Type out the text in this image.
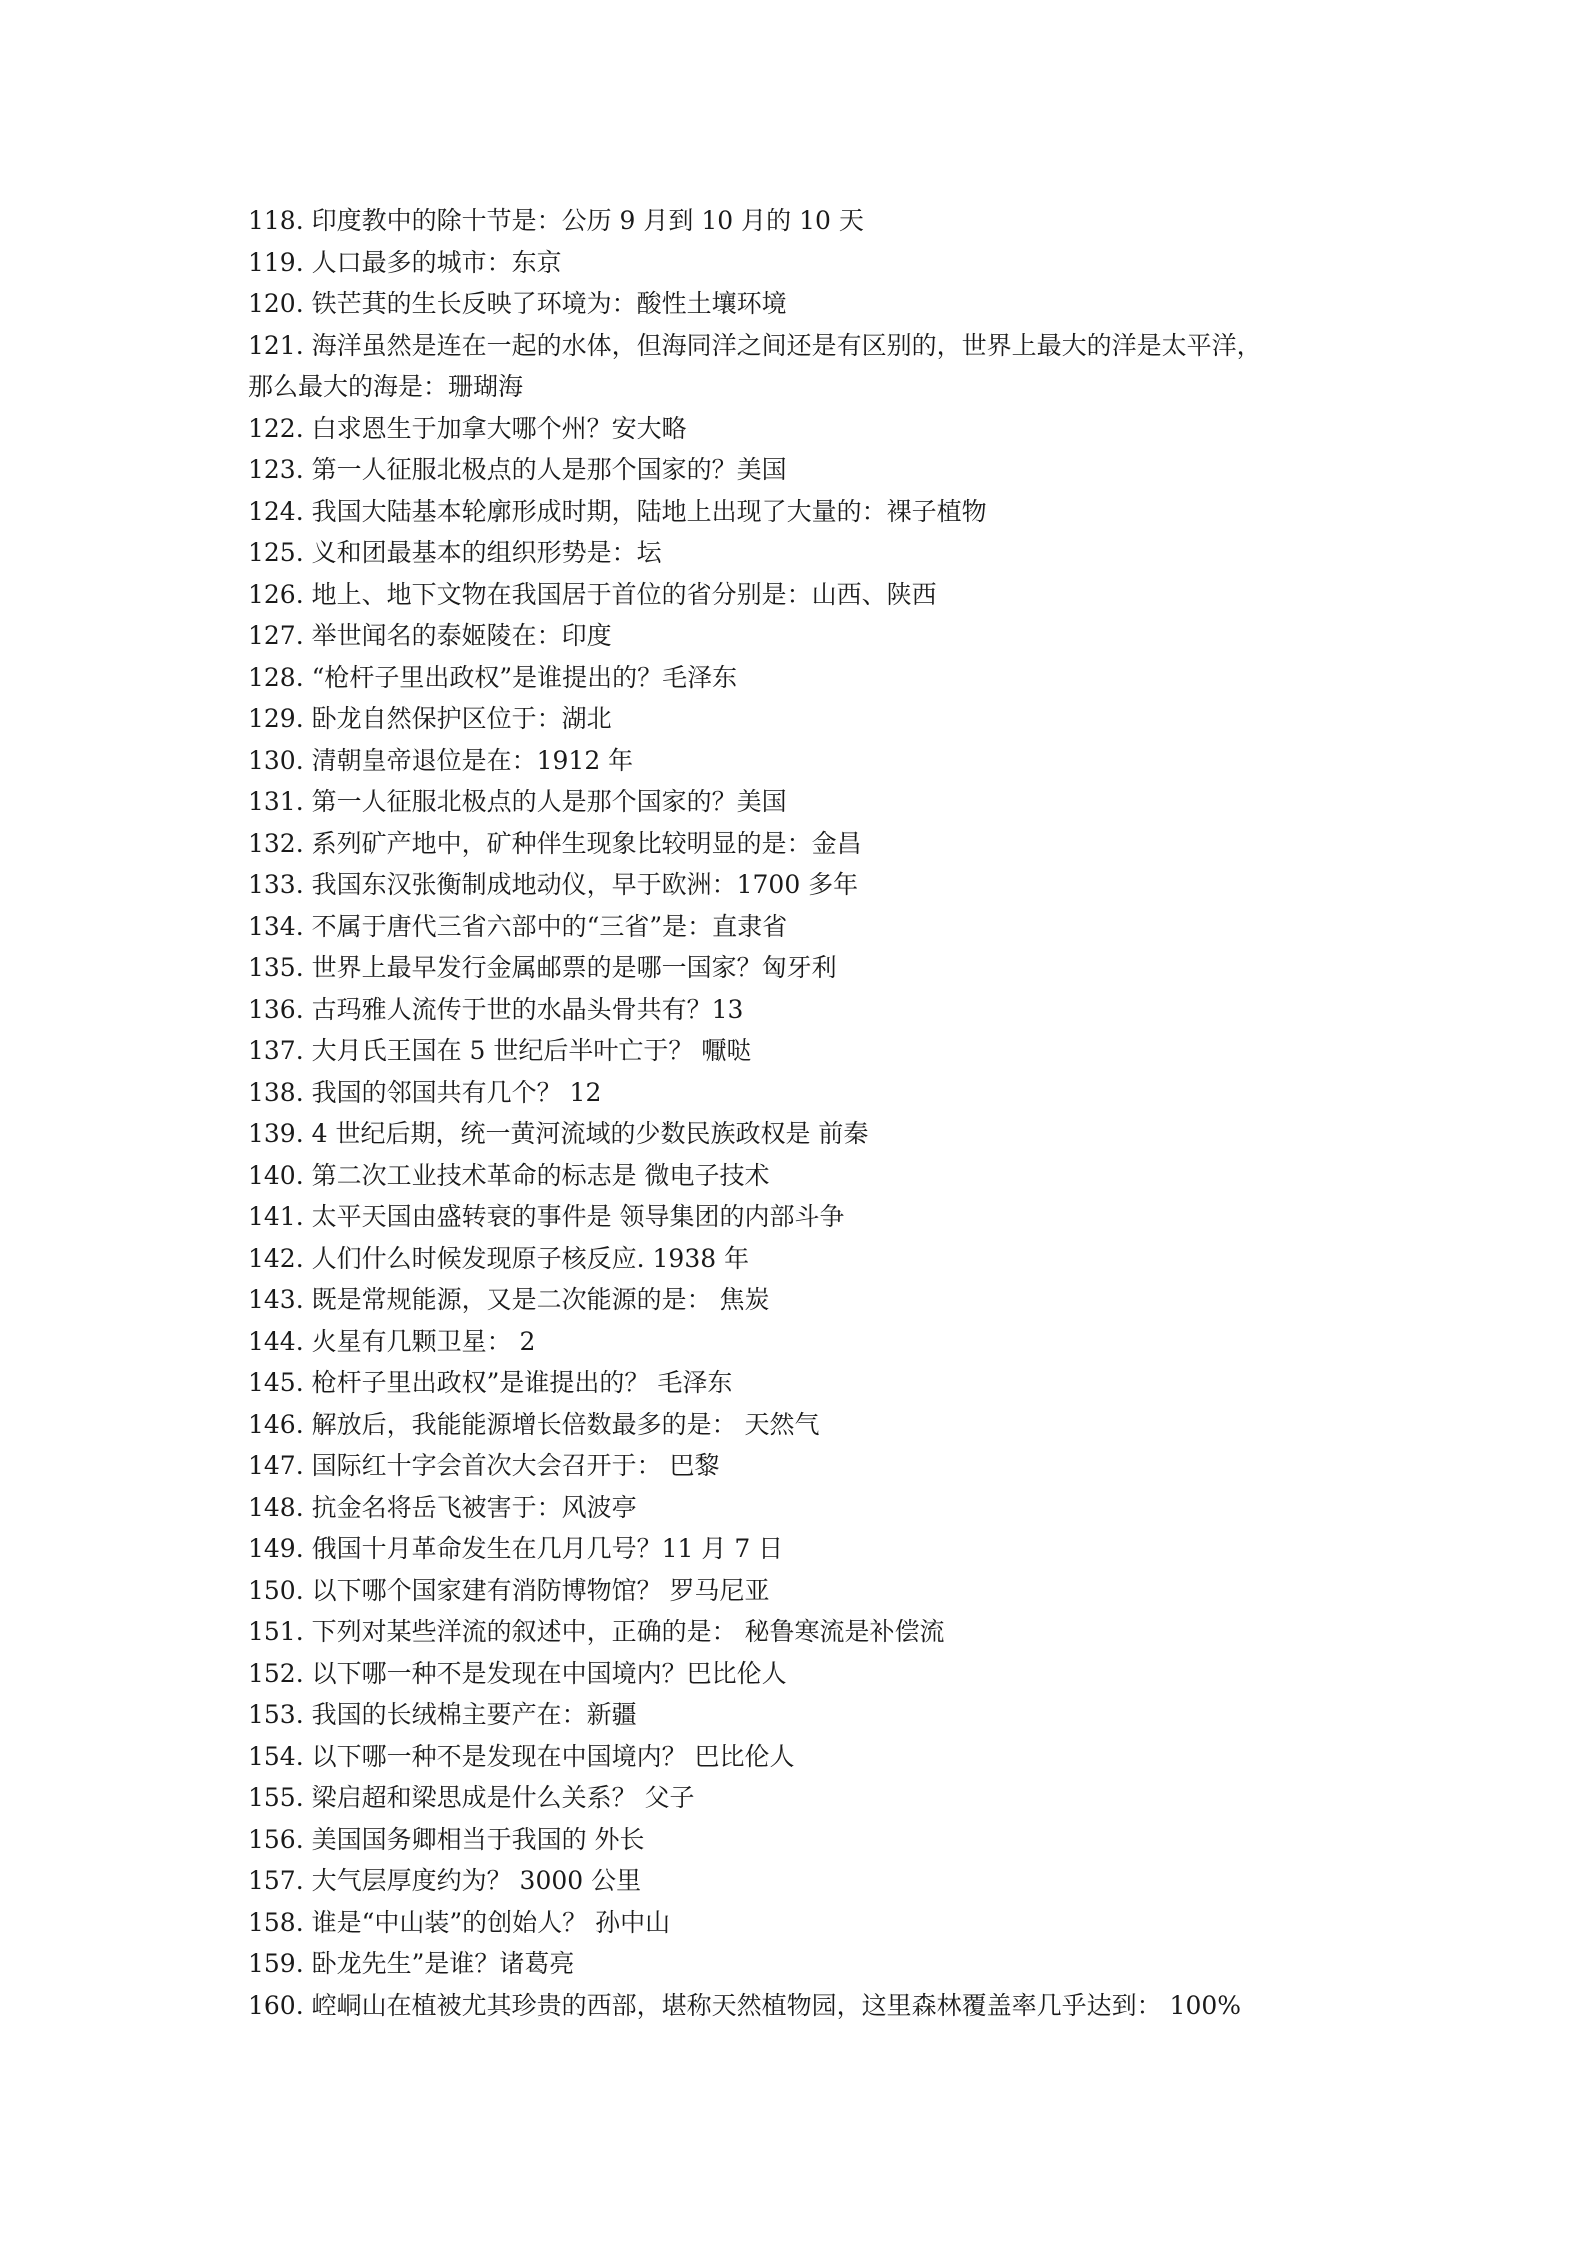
118. 印度教中的除十节是：公历 9 月到 10 月的 10 天
119. 人口最多的城市：东京
120. 铁芒萁的生长反映了环境为：酸性土壤环境
121. 海洋虽然是连在一起的水体，但海同洋之间还是有区别的，世界上最大的洋是太平洋，
那么最大的海是：珊瑚海
122. 白求恩生于加拿大哪个州？安大略
123. 第一人征服北极点的人是那个国家的？美国
124. 我国大陆基本轮廓形成时期，陆地上出现了大量的：裸子植物
125. 义和团最基本的组织形势是：坛
126. 地上、地下文物在我国居于首位的省分别是：山西、陕西
127. 举世闻名的泰姬陵在：印度
128. “枪杆子里出政权”是谁提出的？毛泽东
129. 卧龙自然保护区位于：湖北
130. 清朝皇帝退位是在：1912 年
131. 第一人征服北极点的人是那个国家的？美国
132. 系列矿产地中，矿种伴生现象比较明显的是：金昌
133. 我国东汉张衡制成地动仪，早于欧洲：1700 多年
134. 不属于唐代三省六部中的“三省”是：直隶省
135. 世界上最早发行金属邮票的是哪一国家？匈牙利
136. 古玛雅人流传于世的水晶头骨共有？13
137. 大月氏王国在 5 世纪后半叶亡于？ 嚈哒
138. 我国的邻国共有几个？ 12
139. 4 世纪后期，统一黄河流域的少数民族政权是 前秦
140. 第二次工业技术革命的标志是 微电子技术
141. 太平天国由盛转衰的事件是 领导集团的内部斗争
142. 人们什么时候发现原子核反应. 1938 年
143. 既是常规能源，又是二次能源的是： 焦炭
144. 火星有几颗卫星： 2
145. 枪杆子里出政权”是谁提出的？ 毛泽东
146. 解放后，我能能源增长倍数最多的是： 天然气
147. 国际红十字会首次大会召开于： 巴黎
148. 抗金名将岳飞被害于：风波亭
149. 俄国十月革命发生在几月几号？11 月 7 日
150. 以下哪个国家建有消防博物馆？ 罗马尼亚
151. 下列对某些洋流的叙述中，正确的是： 秘鲁寒流是补偿流
152. 以下哪一种不是发现在中国境内？巴比伦人
153. 我国的长绒棉主要产在：新疆
154. 以下哪一种不是发现在中国境内？ 巴比伦人
155. 梁启超和梁思成是什么关系？ 父子
156. 美国国务卿相当于我国的 外长
157. 大气层厚度约为？ 3000 公里
158. 谁是“中山装”的创始人？ 孙中山
159. 卧龙先生”是谁？诸葛亮
160. 崆峒山在植被尤其珍贵的西部，堪称天然植物园，这里森林覆盖率几乎达到： 100%
